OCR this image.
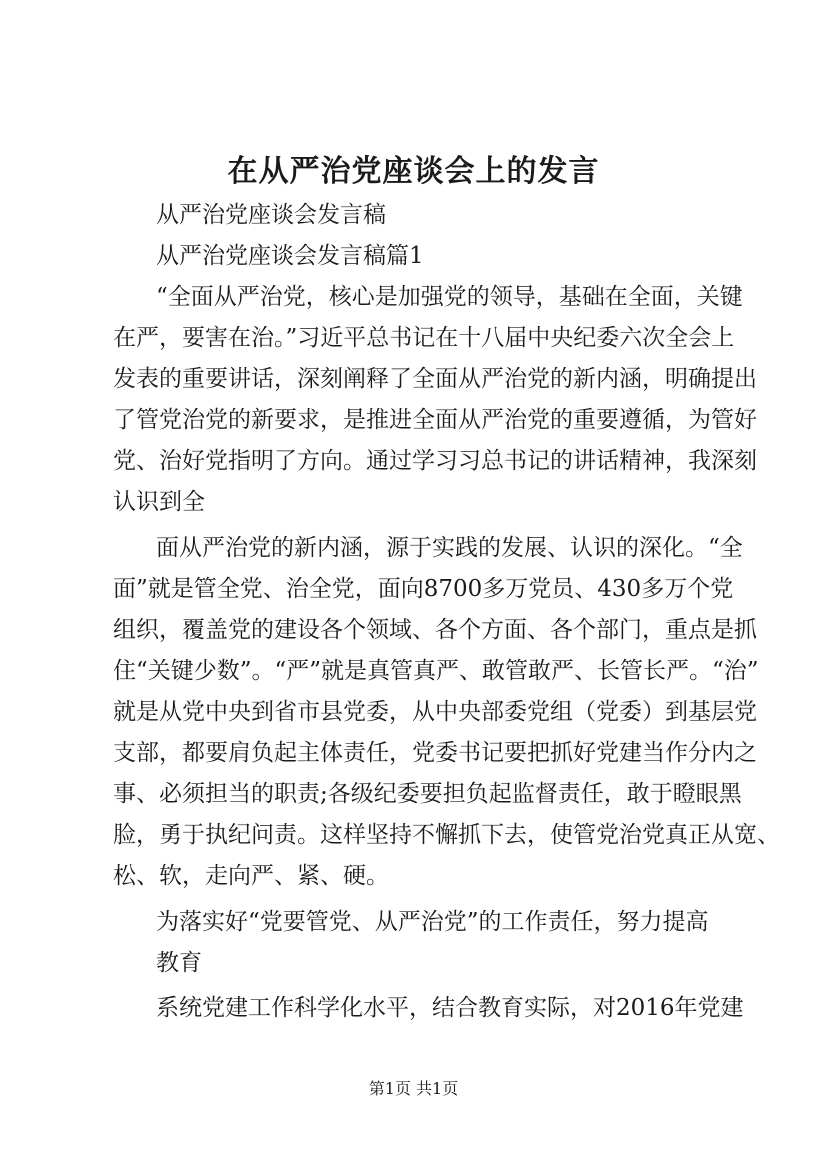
在从严治党座谈会上的发言
从严治党座谈会发言稿
从严治党座谈会发言稿篇1
“全面从严治党，核心是加强党的领导，基础在全面，关键
在严，要害在治。”习近平总书记在十八届中央纪委六次全会上
发表的重要讲话，深刻阐释了全面从严治党的新内涵，明确提出
了管党治党的新要求，是推进全面从严治党的重要遵循，为管好
党、治好党指明了方向。通过学习习总书记的讲话精神，我深刻
认识到全
面从严治党的新内涵，源于实践的发展、认识的深化。“全
面”就是管全党、治全党，面向8700多万党员、430多万个党
组织，覆盖党的建设各个领域、各个方面、各个部门，重点是抓
住“关键少数”。“严”就是真管真严、敢管敢严、长管长严。“治”
就是从党中央到省市县党委，从中央部委党组（党委）到基层党
支部，都要肩负起主体责任，党委书记要把抓好党建当作分内之
事、必须担当的职责;各级纪委要担负起监督责任，敢于瞪眼黑
脸，勇于执纪问责。这样坚持不懈抓下去，使管党治党真正从宽、
松、软，走向严、紧、硬。
为落实好“党要管党、从严治党”的工作责任，努力提高
教育
系统党建工作科学化水平，结合教育实际，对2016年党建
第1页 共1页
